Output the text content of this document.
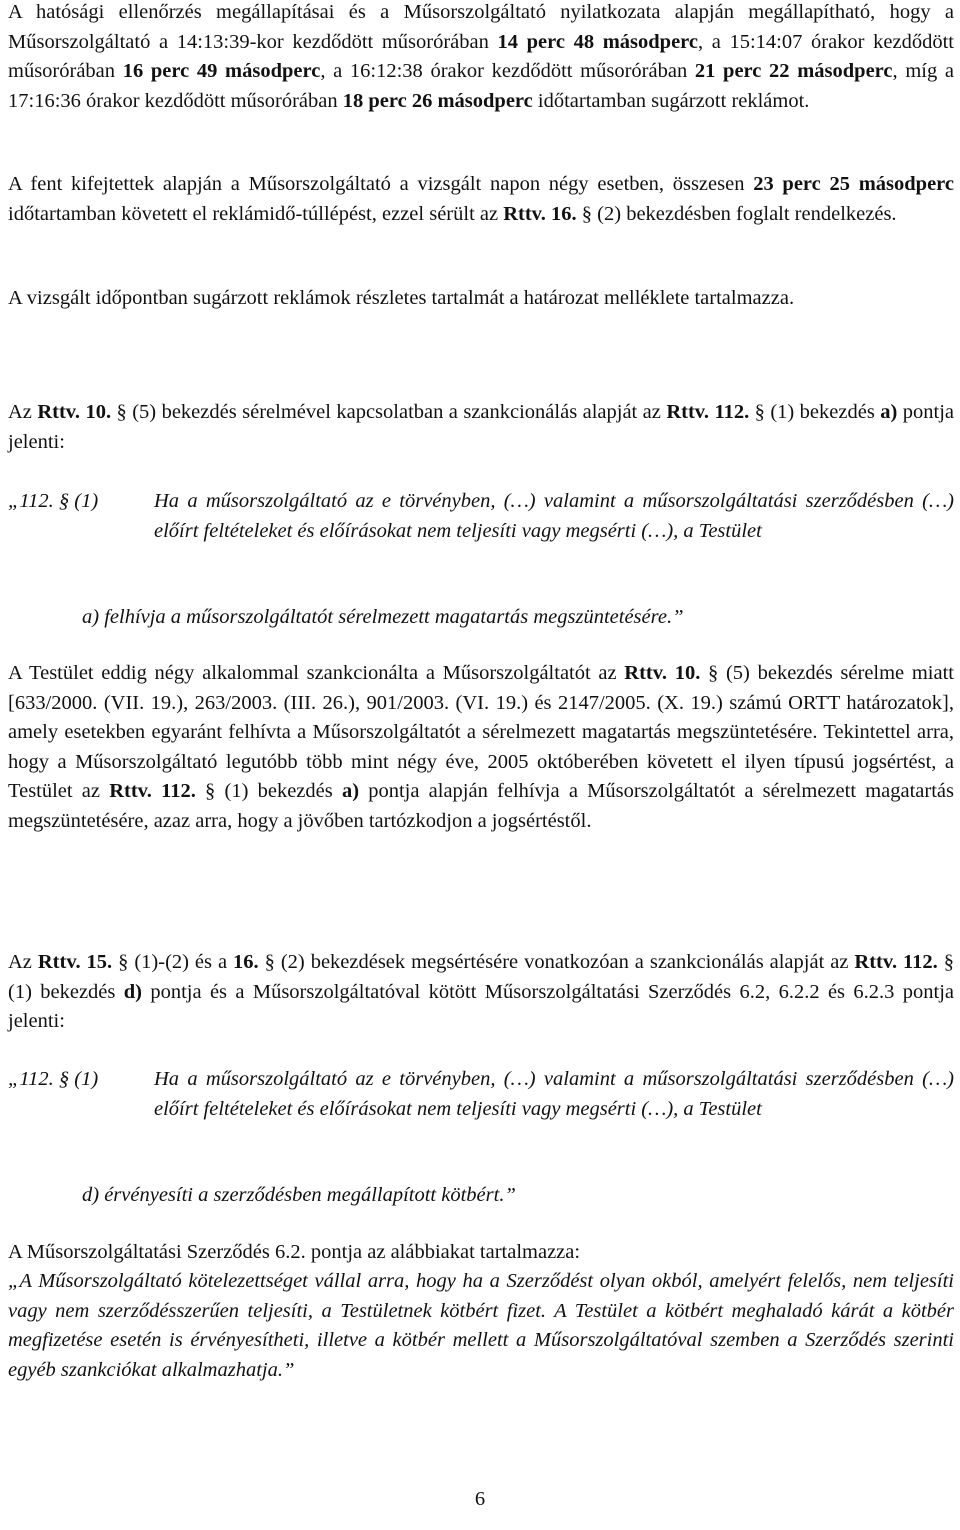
A hatósági ellenőrzés megállapításai és a Műsorszolgáltató nyilatkozata alapján megállapítható, hogy a Műsorszolgáltató a 14:13:39-kor kezdődött műsorórában 14 perc 48 másodperc, a 15:14:07 órakor kezdődött műsorórában 16 perc 49 másodperc, a 16:12:38 órakor kezdődött műsorórában 21 perc 22 másodperc, míg a 17:16:36 órakor kezdődött műsorórában 18 perc 26 másodperc időtartamban sugárzott reklámot.

A fent kifejtettek alapján a Műsorszolgáltató a vizsgált napon négy esetben, összesen 23 perc 25 másodperc időtartamban követett el reklámidő-túllépést, ezzel sérült az Rttv. 16. § (2) bekezdésben foglalt rendelkezés.

A vizsgált időpontban sugárzott reklámok részletes tartalmát a határozat melléklete tartalmazza.

Az Rttv. 10. § (5) bekezdés sérelmével kapcsolatban a szankcionálás alapját az Rttv. 112. § (1) bekezdés a) pontja jelenti:

„112. § (1)	Ha a műsorszolgáltató az e törvényben, (…) valamint a műsorszolgáltatási szerződésben (…) előírt feltételeket és előírásokat nem teljesíti vagy megsérti (…), a Testület

a) felhívja a műsorszolgáltatót sérelmezett magatartás megszüntetésére.”

A Testület eddig négy alkalommal szankcionálta a Műsorszolgáltatót az Rttv. 10. § (5) bekezdés sérelme miatt [633/2000. (VII. 19.), 263/2003. (III. 26.), 901/2003. (VI. 19.) és 2147/2005. (X. 19.) számú ORTT határozatok], amely esetekben egyaránt felhívta a Műsorszolgáltatót a sérelmezett magatartás megszüntetésére. Tekintettel arra, hogy a Műsorszolgáltató legutóbb több mint négy éve, 2005 októberében követett el ilyen típusú jogsértést, a Testület az Rttv. 112. § (1) bekezdés a) pontja alapján felhívja a Műsorszolgáltatót a sérelmezett magatartás megszüntetésére, azaz arra, hogy a jövőben tartózkodjon a jogsértéstől.

Az Rttv. 15. § (1)-(2) és a 16. § (2) bekezdések megsértésére vonatkozóan a szankcionálás alapját az Rttv. 112. § (1) bekezdés d) pontja és a Műsorszolgáltatóval kötött Műsorszolgáltatási Szerződés 6.2, 6.2.2 és 6.2.3 pontja jelenti:

„112. § (1)	Ha a műsorszolgáltató az e törvényben, (…) valamint a műsorszolgáltatási szerződésben (…) előírt feltételeket és előírásokat nem teljesíti vagy megsérti (…), a Testület

d) érvényesíti a szerződésben megállapított kötbért.”

A Műsorszolgáltatási Szerződés 6.2. pontja az alábbiakat tartalmazza:

„A Műsorszolgáltató kötelezettséget vállal arra, hogy ha a Szerződést olyan okból, amelyért felelős, nem teljesíti vagy nem szerződésszerűen teljesíti, a Testületnek kötbért fizet. A Testület a kötbért meghaladó kárát a kötbér megfizetése esetén is érvényesítheti, illetve a kötbér mellett a Műsorszolgáltatóval szemben a Szerződés szerinti egyéb szankciókat alkalmazhatja.”

6
